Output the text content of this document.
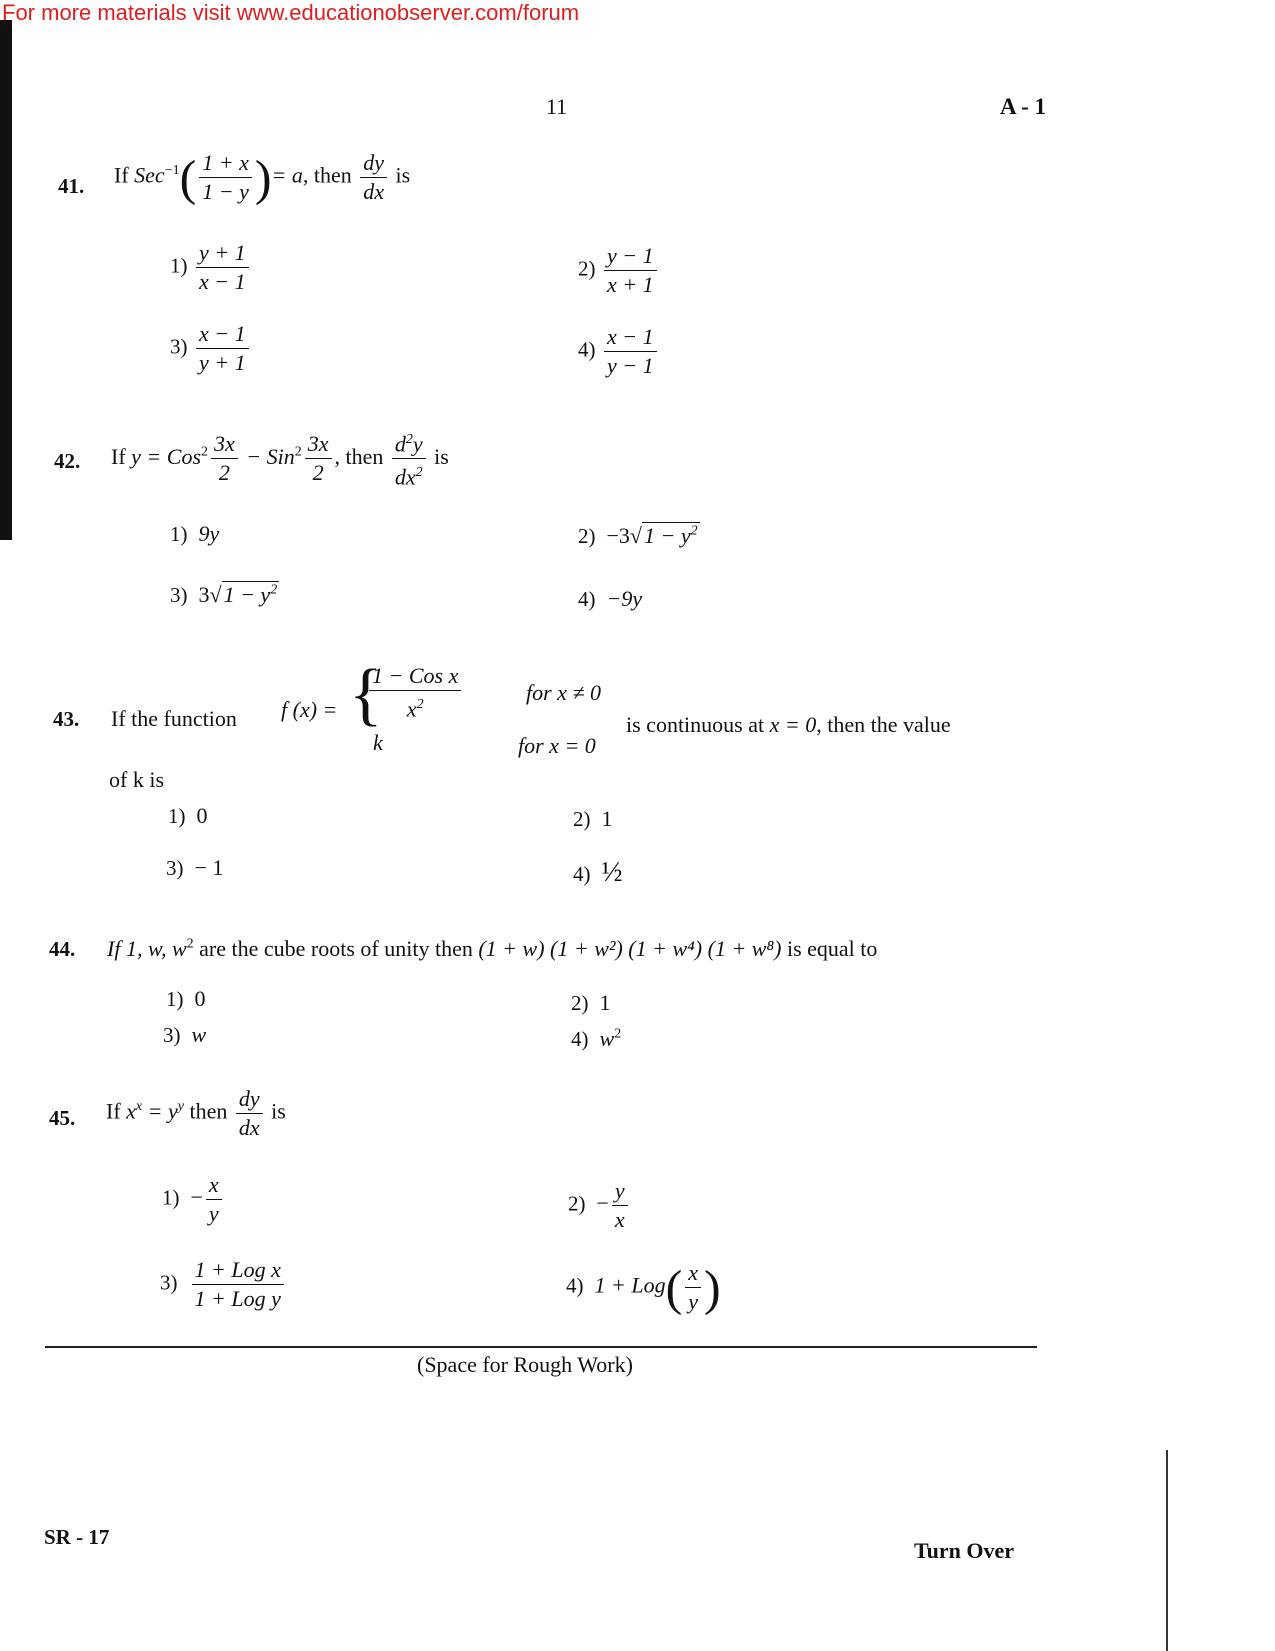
For more materials visit www.educationobserver.com/forum
11	A - 1
41. If $Sec^{-1}( \frac{1 + x}{1 - y}$ )= a, then $\frac{dy}{dx}$ is
$1) \frac{y + 1}{x - 1}$	$2) \frac{y - 1}{x + 1}$
$3) \frac{x - 1}{y + 1}$	$4) \frac{x - 1}{y - 1}$
42. If $y = Cos^2 \frac{3x}{2} - Sin^2 \frac{3x}{2}$ , then $\frac{d^2y}{dx^2}$ is
1) 9y	$2) -3√1 - y^2$
3) $3√1 - y^2$	4) −9y
43. If the function f (x) = {
$\frac{\text{1 − Cos x}}{x^2}$
k
for x ≠ 0
for x = 0
is continuous at x = 0, then the value
of k is
1) 0	2) 1
3) − 1	4) ½
44. If 1, w, $w^2$ are the cube roots of unity then (1 + w) (1 + w²) (1 + w⁴) (1 + w⁸) is equal to
1) 0	2) 1
3) w	4) $w^2$
45. If $x^x = y^y$ then $\frac{dy}{dx}$ is
$1) - \frac{x}{y}$	$2) - \frac{y}{x}$
$3) \frac{\text{1 + Log x}}{\text{1 + Log y}}$	4) $1 + Log( \frac{x}{y}$ )
(Space for Rough Work)
SR - 17
Turn Over
